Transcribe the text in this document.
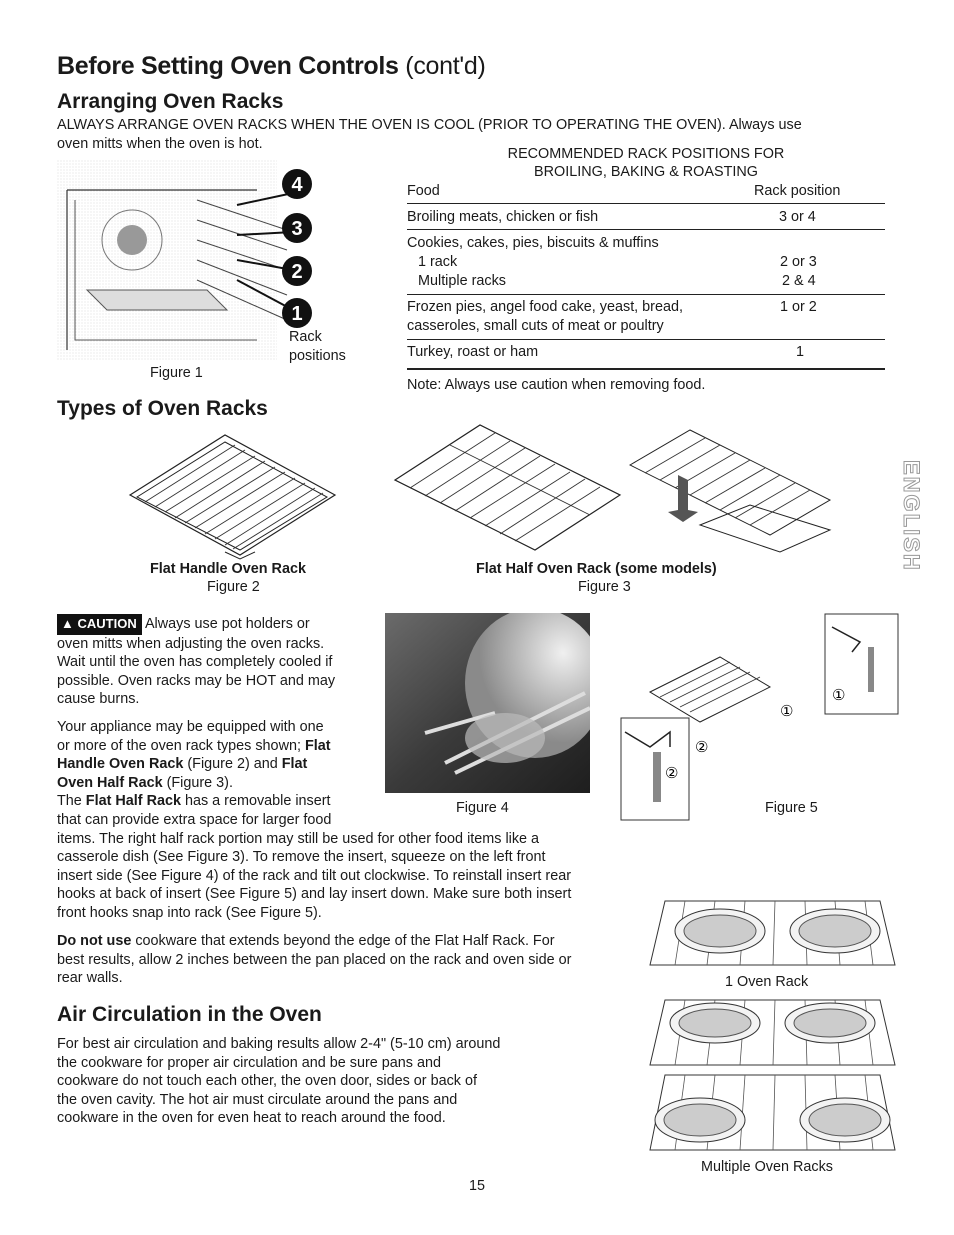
Before Setting Oven Controls (cont'd)
Arranging Oven Racks
ALWAYS ARRANGE OVEN RACKS WHEN THE OVEN IS COOL (PRIOR TO OPERATING THE OVEN). Always use
oven mitts when the oven is hot.
4
3
2
1
Rack
positions
Figure 1
RECOMMENDED RACK POSITIONS FOR
BROILING, BAKING & ROASTING
Food	Rack position
Broiling meats, chicken or fish	3 or 4
Cookies, cakes, pies, biscuits & muffins
1 rack	2 or 3
Multiple racks	2 & 4
Frozen pies, angel food cake, yeast, bread,	1 or 2
casseroles, small cuts of meat or poultry
Turkey, roast or ham	1
Note: Always use caution when removing food.
Types of Oven Racks
Flat Handle Oven Rack
Figure 2
Flat Half Oven Rack (some models)
Figure 3
ENGLISH
▲ CAUTION Always use pot holders or
oven mitts when adjusting the oven racks.
Wait until the oven has completely cooled if
possible. Oven racks may be HOT and may
cause burns.
Your appliance may be equipped with one
or more of the oven rack types shown; Flat
Handle Oven Rack (Figure 2) and Flat
Oven Half Rack (Figure 3).
The Flat Half Rack has a removable insert
that can provide extra space for larger food
items. The right half rack portion may still be used for other food items like a
casserole dish (See Figure 3). To remove the insert, squeeze on the left front
insert side (See Figure 4) of the rack and tilt out clockwise. To reinstall insert rear
hooks at back of insert (See Figure 5) and lay insert down. Make sure both insert
front hooks snap into rack (See Figure 5).
Figure 4
①
②
②
①
Figure 5
Do not use cookware that extends beyond the edge of the Flat Half Rack. For
best results, allow 2 inches between the pan placed on the rack and oven side or
rear walls.	1 Oven Rack
Air Circulation in the Oven
For best air circulation and baking results allow 2-4" (5-10 cm) around
the cookware for proper air circulation and be sure pans and
cookware do not touch each other, the oven door, sides or back of
the oven cavity. The hot air must circulate around the pans and
cookware in the oven for even heat to reach around the food.
Multiple Oven Racks
15
